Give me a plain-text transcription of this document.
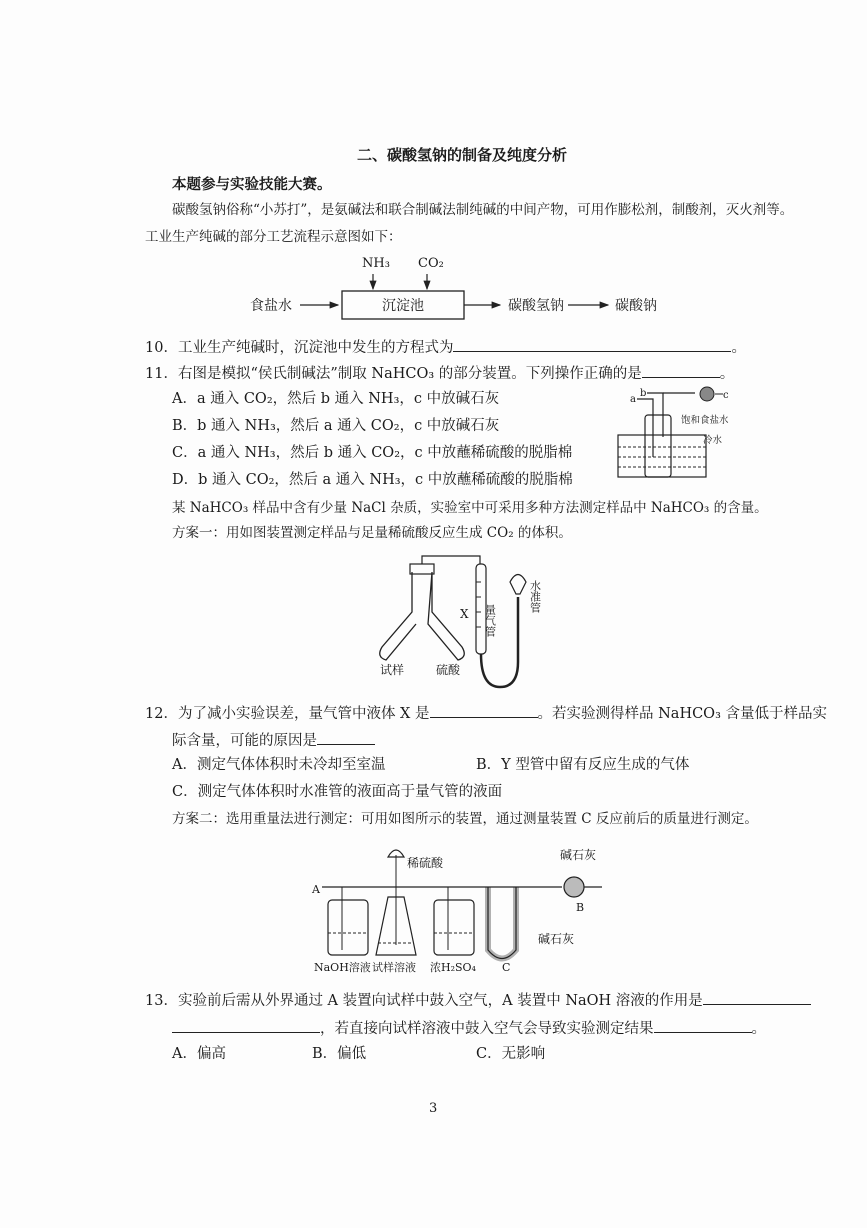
二、碳酸氢钠的制备及纯度分析
本题参与实验技能大赛。
碳酸氢钠俗称“小苏打”，是氨碱法和联合制碱法制纯碱的中间产物，可用作膨松剂，制酸剂，灭火剂等。
工业生产纯碱的部分工艺流程示意图如下：
NH₃ CO₂
沉淀池
食盐水	碳酸氢钠	碳酸钠
10．工业生产纯碱时，沉淀池中发生的方程式为	。
11．右图是模拟“侯氏制碱法”制取 NaHCO₃ 的部分装置。下列操作正确的是	。
A．a 通入 CO₂，然后 b 通入 NH₃，c 中放碱石灰
B．b 通入 NH₃，然后 a 通入 CO₂，c 中放碱石灰
C．a 通入 NH₃，然后 b 通入 CO₂，c 中放蘸稀硫酸的脱脂棉
D．b 通入 CO₂，然后 a 通入 NH₃，c 中放蘸稀硫酸的脱脂棉
a
b	c
饱和食盐水
冷水
某 NaHCO₃ 样品中含有少量 NaCl 杂质，实验室中可采用多种方法测定样品中 NaHCO₃ 的含量。
方案一：用如图装置测定样品与足量稀硫酸反应生成 CO₂ 的体积。
试样	硫酸
X 量气管
水准管
12．为了减小实验误差，量气管中液体 X 是	。若实验测得样品 NaHCO₃ 含量低于样品实
际含量，可能的原因是
A．测定气体体积时未冷却至室温	B．Y 型管中留有反应生成的气体
C．测定气体体积时水准管的液面高于量气管的液面
方案二：选用重量法进行测定：可用如图所示的装置，通过测量装置 C 反应前后的质量进行测定。
稀硫酸
碱石灰
A
B
C
碱石灰
NaOH溶液 试样溶液 浓H₂SO₄
13．实验前后需从外界通过 A 装置向试样中鼓入空气，A 装置中 NaOH 溶液的作用是
，若直接向试样溶液中鼓入空气会导致实验测定结果	。
A．偏高	B．偏低	C．无影响
3
